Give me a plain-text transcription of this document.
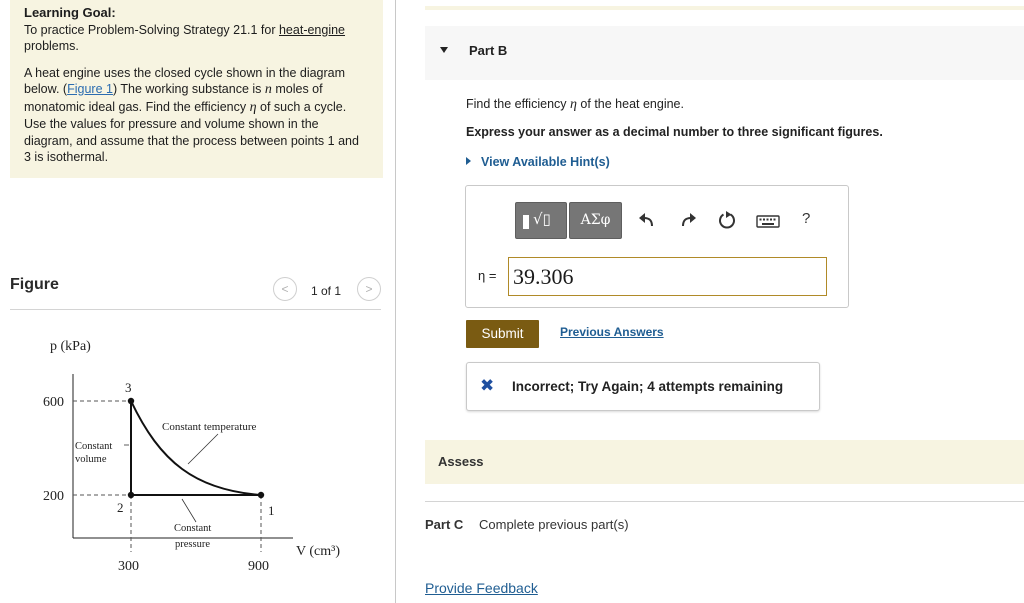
Learning Goal:
To practice Problem-Solving Strategy 21.1 for heat-engine problems.
A heat engine uses the closed cycle shown in the diagram below. (Figure 1) The working substance is n moles of monatomic ideal gas. Find the efficiency η of such a cycle. Use the values for pressure and volume shown in the diagram, and assume that the process between points 1 and 3 is isothermal.
Figure	<	1 of 1	>
p (kPa)
V (cm³)
600
200
300	900
3
2	1
Constant temperature
Constant
volume
Constant
pressure
Part B
Find the efficiency η of the heat engine.
Express your answer as a decimal number to three significant figures.
View Available Hint(s)
√▯	ΑΣφ	?
η = 39.306
Submit	Previous Answers
✖ Incorrect; Try Again; 4 attempts remaining
Assess
Part C Complete previous part(s)
Provide Feedback
